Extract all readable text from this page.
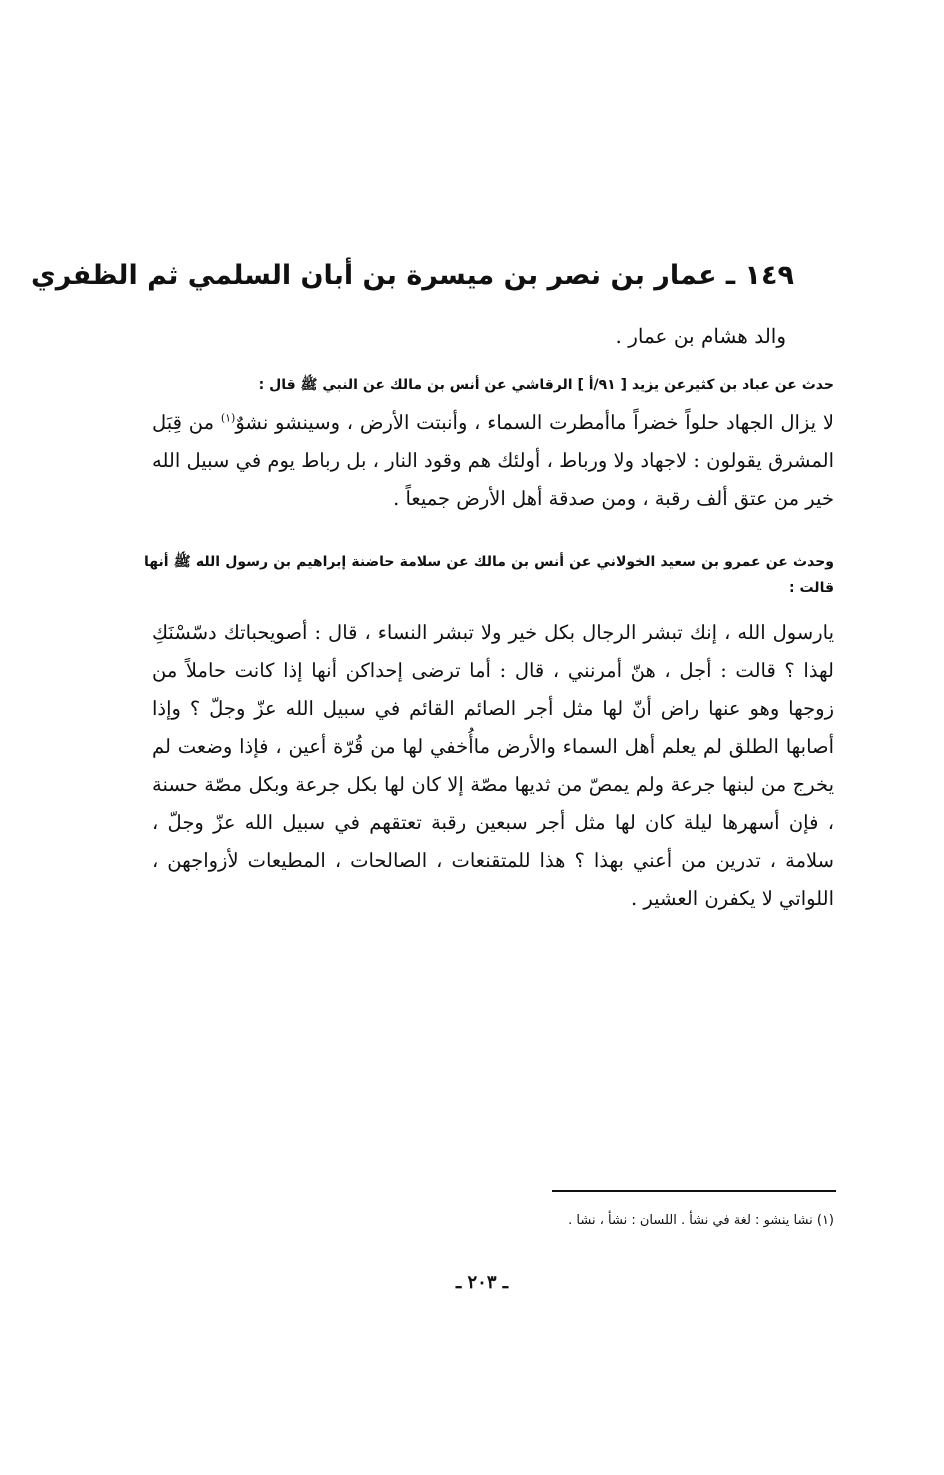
١٤٩ ـ عمار بن نصر بن ميسرة بن أبان السلمي ثم الظفري
والد هشام بن عمار .
حدث عن عباد بن كثيرعن يزيد [ ٩١/أ ] الرقاشي عن أنس بن مالك عن النبي ﷺ قال :

لا يزال الجهاد حلواً خضراً ماأمطرت السماء ، وأنبتت الأرض ، وسينشو نشوٌ$^{(١)}$ من قِبَل المشرق يقولون : لاجهاد ولا ورباط ، أولئك هم وقود النار ، بل رباط يوم في سبيل الله خير من عتق ألف رقبة ، ومن صدقة أهل الأرض جميعاً .

وحدث عن عمرو بن سعيد الخولاني عن أنس بن مالك عن سلامة حاضنة إبراهيم بن رسول الله ﷺ أنها قالت :

يارسول الله ، إنك تبشر الرجال بكل خير ولا تبشر النساء ، قال : أصويحباتك دسّسْنَكِ لهذا ؟ قالت : أجل ، هنّ أمرنني ، قال : أما ترضى إحداكن أنها إذا كانت حاملاً من زوجها وهو عنها راض أنّ لها مثل أجر الصائم القائم في سبيل الله عزّ وجلّ ؟ وإذا أصابها الطلق لم يعلم أهل السماء والأرض ماأُخفي لها من قُرّة أعين ، فإذا وضعت لم يخرج من لبنها جرعة ولم يمصّ من ثديها مصّة إلا كان لها بكل جرعة وبكل مصّة حسنة ، فإن أسهرها ليلة كان لها مثل أجر سبعين رقبة تعتقهم في سبيل الله عزّ وجلّ ، سلامة ، تدرين من أعني بهذا ؟ هذا للمتقنعات ، الصالحات ، المطيعات لأزواجهن ، اللواتي لا يكفرن العشير .

(١) نشا ينشو : لغة في نشأ . اللسان : نشأ ، نشا .
ـ ٢٠٣ ـ
